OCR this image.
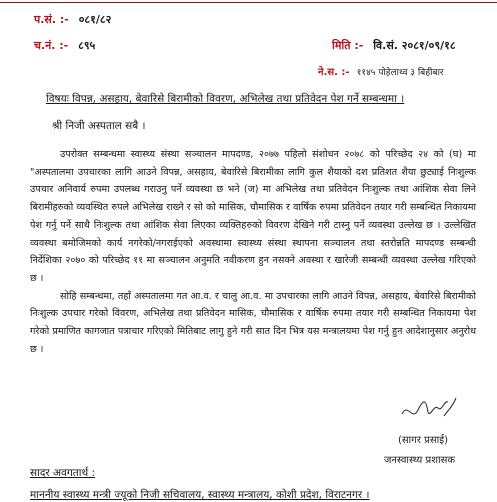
प.सं. :- ०८१/८२
च.नं. :- ८९५	मिति :- वि.सं. २०८१/०९/१८
ने.स. :- ११४५ पोहेलाथ्व ३ बिहीबार
विषयः विपन्न, असहाय, बेवारिसे बिरामीको विवरण, अभिलेख तथा प्रतिवेदन पेश गर्ने सम्बन्धमा ।
श्री निजी अस्पताल सबै ।

उपरोक्त सम्बन्धमा स्वास्थ्य संस्था सञ्चालन मापदण्ड, २०७७ पहिलो संशोधन २०७८ को परिच्छेद २४ को (घ) मा "अस्पतालमा उपचारका लागि आउने विपन्न, असहाय, बेवारिसे बिरामीका लागि कुल शैयाको दश प्रतिशत शैया छुट्याई निःशुल्क उपचार अनिवार्य रुपमा उपलब्ध गराउनु पर्ने व्यवस्था छ भने (ज) मा अभिलेख तथा प्रतिवेदन निःशुल्क तथा आंशिक सेवा लिने बिरामीहरुको व्यवस्थित रुपले अभिलेख राख्ने र सो को मासिक, चौमासिक र वार्षिक रुपमा प्रतिवेदन तयार गरी सम्बन्धित निकायमा पेश गर्नु पर्ने साथै निःशुल्क तथा आंशिक सेवा लिएका व्यक्तिहरुको विवरण देखिने गरी टास्नु पर्ने व्यवस्था उल्लेख छ । उल्लेखित व्यवस्था बमोजिमको कार्य नगरेको/नगराईएको अवस्थामा स्वास्थ्य संस्था स्थापना सञ्चालन तथा स्तरोन्नति मापदण्ड सम्बन्धी निर्देशिका २०७० को परिच्छेद ११ मा सञ्चालन अनुमति नवीकरण हुन नसक्ने अवस्था र खारेजी सम्बन्धी व्यवस्था उल्लेख गरिएको छ ।

सोहि सम्बन्धमा, तहाँ अस्पतालमा गत आ.व. र चालु आ.व. मा उपचारका लागि आउने विपन्न, असहाय, बेवारिसे बिरामीको निःशुल्क उपचार गरेको विवरण, अभिलेख तथा प्रतिवेदन मासिक, चौमासिक र वार्षिक रुपमा तयार गरी सम्बन्धित निकायमा पेश गरेको प्रमाणित कागजात पत्राचार गरिएको मितिबाट लागु हुने गरी सात दिन भित्र यस मन्त्रालयमा पेश गर्नु हुन आदेशानुसार अनुरोध छ ।

(सागर प्रसाई)
जनस्वास्थ्य प्रशासक
सादर अवगतार्थ :
माननीय स्वास्थ्य मन्त्री ज्यूको निजी सचिवालय, स्वास्थ्य मन्त्रालय, कोशी प्रदेश, विराटनगर ।
